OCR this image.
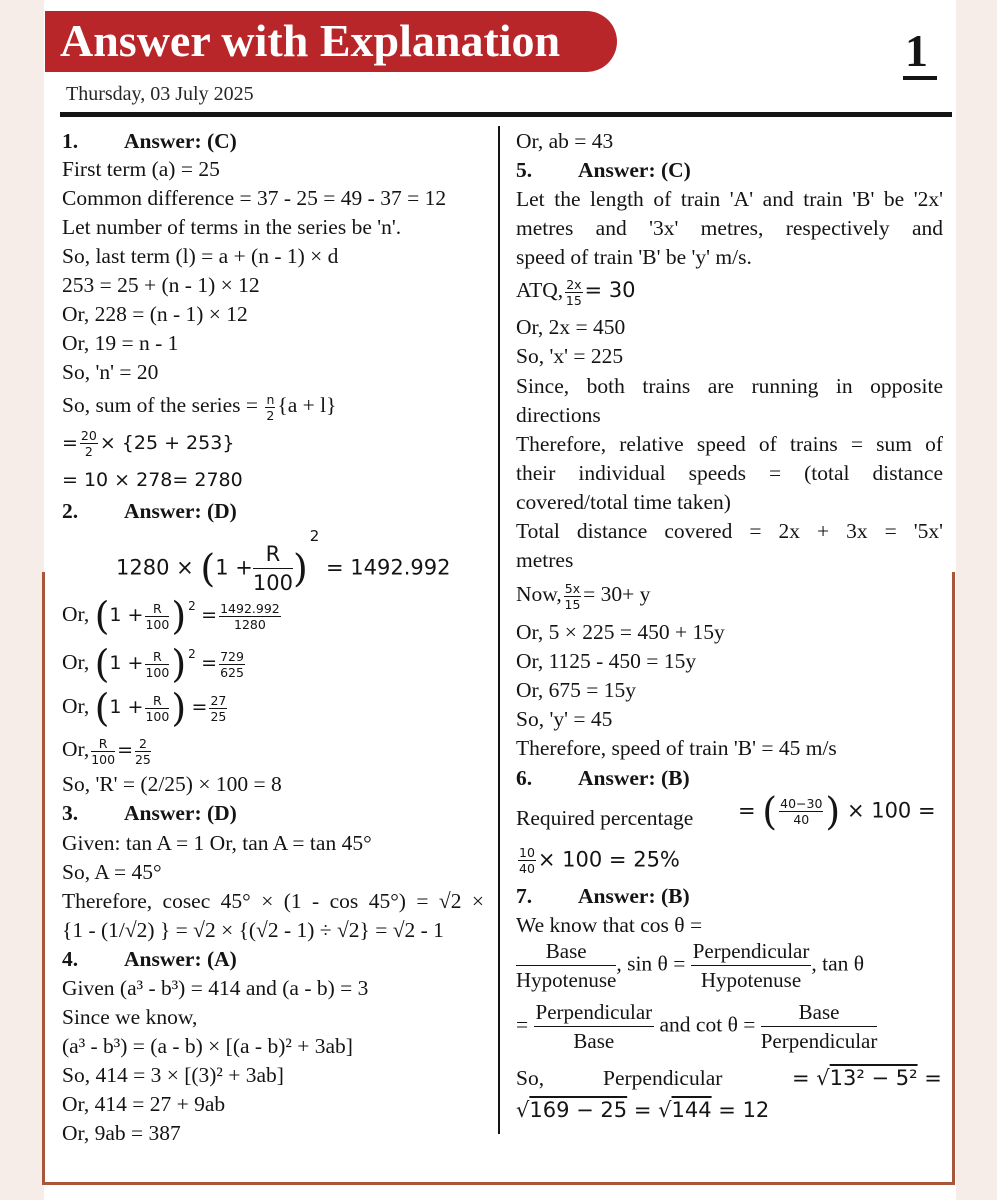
Answer with Explanation	1
Thursday, 03 July 2025
1. Answer: (C)
First term (a) = 25
Common difference = 37 - 25 = 49 - 37 = 12
Let number of terms in the series be 'n'.
So, last term (l) = a + (n - 1) × d
253 = 25 + (n - 1) × 12
Or, 228 = (n - 1) × 12
Or, 19 = n - 1
So, 'n' = 20
So, sum of the series = $\frac{n}{2} \{a + l\}$
= $\frac{20}{2} \times \{25 + 253\}$
= 10 × 278= 2780
2. Answer: (D)
$1280 \times (1 + \frac{R}{100} )^2 = 1492.992$
Or, ($1 + \frac{R}{100}$ ) $^2 = \frac{1492.992}{1280}$
Or, ($1 + \frac{R}{100}$ ) $^2 = \frac{729}{625}$
Or, ($1 + \frac{R}{100}$ ) = $\frac{27}{25}$
Or, $\frac{R}{100} = \frac{2}{25}$
So, 'R' = (2/25) × 100 = 8
3. Answer: (D)
Given: tan A = 1 Or, tan A = tan 45°
So, A = 45°
Therefore, cosec 45° × (1 - cos 45°) = √2 ×
{1 - (1/√2) } = √2 × {(√2 - 1) ÷ √2} = √2 - 1
4. Answer: (A)
Given (a³ - b³) = 414 and (a - b) = 3
Since we know,
(a³ - b³) = (a - b) × [(a - b)² + 3ab]
So, 414 = 3 × [(3)² + 3ab]
Or, 414 = 27 + 9ab
Or, 9ab = 387
Or, ab = 43
5. Answer: (C)
Let the length of train 'A' and train 'B' be '2x'
metres and '3x' metres, respectively and
speed of train 'B' be 'y' m/s.
ATQ, $\frac{2x}{15} = 30$
Or, 2x = 450
So, 'x' = 225
Since, both trains are running in opposite
directions
Therefore, relative speed of trains = sum of
their individual speeds = (total distance
covered/total time taken)
Total distance covered = 2x + 3x = '5x'
metres
Now, $\frac{5x}{15} = 30+ y$
Or, 5 × 225 = 450 + 15y
Or, 1125 - 450 = 15y
Or, 675 = 15y
So, 'y' = 45
Therefore, speed of train 'B' = 45 m/s
6. Answer: (B)
Required percentage = ( $\frac{40-30}{40}$ ) × 100 =
$\frac{10}{40} \times 100 = 25\%$
7. Answer: (B)
We know that cos θ =
Base
Hypotenuse
, sin θ =
Perpendicular
Hypotenuse
, tan θ
=
Perpendicular
Base
and cot θ =
Base
Perpendicular
So,	Perpendicular	= √13² − 5² =
√169 − 25 = √144 = 12
